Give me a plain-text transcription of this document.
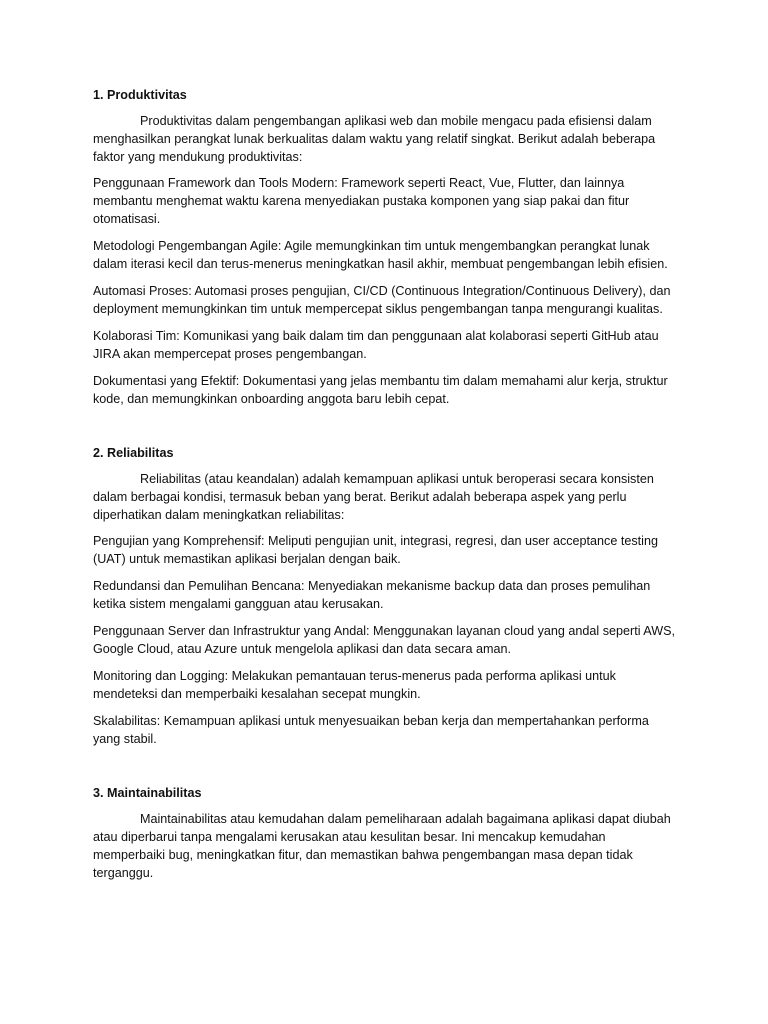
1. Produktivitas

Produktivitas dalam pengembangan aplikasi web dan mobile mengacu pada efisiensi dalam menghasilkan perangkat lunak berkualitas dalam waktu yang relatif singkat. Berikut adalah beberapa faktor yang mendukung produktivitas:

Penggunaan Framework dan Tools Modern: Framework seperti React, Vue, Flutter, dan lainnya membantu menghemat waktu karena menyediakan pustaka komponen yang siap pakai dan fitur otomatisasi.

Metodologi Pengembangan Agile: Agile memungkinkan tim untuk mengembangkan perangkat lunak dalam iterasi kecil dan terus-menerus meningkatkan hasil akhir, membuat pengembangan lebih efisien.

Automasi Proses: Automasi proses pengujian, CI/CD (Continuous Integration/Continuous Delivery), dan deployment memungkinkan tim untuk mempercepat siklus pengembangan tanpa mengurangi kualitas.

Kolaborasi Tim: Komunikasi yang baik dalam tim dan penggunaan alat kolaborasi seperti GitHub atau JIRA akan mempercepat proses pengembangan.

Dokumentasi yang Efektif: Dokumentasi yang jelas membantu tim dalam memahami alur kerja, struktur kode, dan memungkinkan onboarding anggota baru lebih cepat.

2. Reliabilitas

Reliabilitas (atau keandalan) adalah kemampuan aplikasi untuk beroperasi secara konsisten dalam berbagai kondisi, termasuk beban yang berat. Berikut adalah beberapa aspek yang perlu diperhatikan dalam meningkatkan reliabilitas:

Pengujian yang Komprehensif: Meliputi pengujian unit, integrasi, regresi, dan user acceptance testing (UAT) untuk memastikan aplikasi berjalan dengan baik.

Redundansi dan Pemulihan Bencana: Menyediakan mekanisme backup data dan proses pemulihan ketika sistem mengalami gangguan atau kerusakan.

Penggunaan Server dan Infrastruktur yang Andal: Menggunakan layanan cloud yang andal seperti AWS, Google Cloud, atau Azure untuk mengelola aplikasi dan data secara aman.

Monitoring dan Logging: Melakukan pemantauan terus-menerus pada performa aplikasi untuk mendeteksi dan memperbaiki kesalahan secepat mungkin.

Skalabilitas: Kemampuan aplikasi untuk menyesuaikan beban kerja dan mempertahankan performa yang stabil.

3. Maintainabilitas

Maintainabilitas atau kemudahan dalam pemeliharaan adalah bagaimana aplikasi dapat diubah atau diperbarui tanpa mengalami kerusakan atau kesulitan besar. Ini mencakup kemudahan memperbaiki bug, meningkatkan fitur, dan memastikan bahwa pengembangan masa depan tidak terganggu.
